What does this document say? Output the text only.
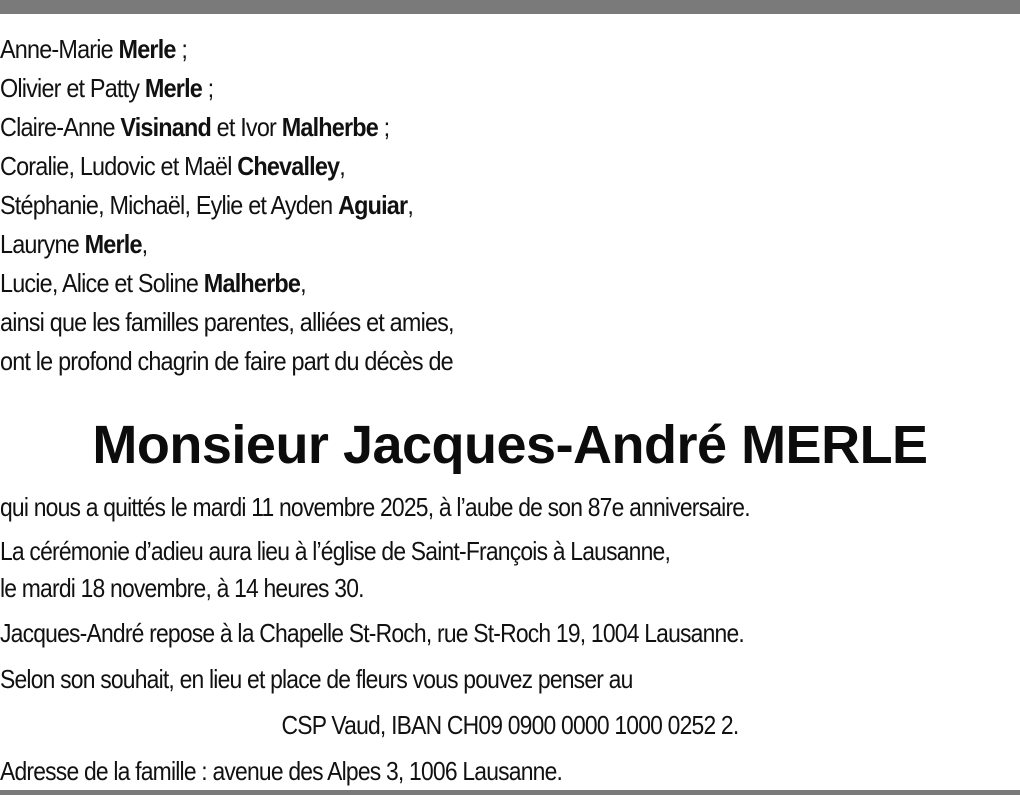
Anne-Marie Merle ;
Olivier et Patty Merle ;
Claire-Anne Visinand et Ivor Malherbe ;
Coralie, Ludovic et Maël Chevalley,
Stéphanie, Michaël, Eylie et Ayden Aguiar,
Lauryne Merle,
Lucie, Alice et Soline Malherbe,
ainsi que les familles parentes, alliées et amies,
ont le profond chagrin de faire part du décès de
Monsieur Jacques-André MERLE
qui nous a quittés le mardi 11 novembre 2025, à l’aube de son 87e anniversaire.
La cérémonie d’adieu aura lieu à l’église de Saint-François à Lausanne,
le mardi 18 novembre, à 14 heures 30.
Jacques-André repose à la Chapelle St-Roch, rue St-Roch 19, 1004 Lausanne.
Selon son souhait, en lieu et place de fleurs vous pouvez penser au
CSP Vaud, IBAN CH09 0900 0000 1000 0252 2.
Adresse de la famille : avenue des Alpes 3, 1006 Lausanne.
